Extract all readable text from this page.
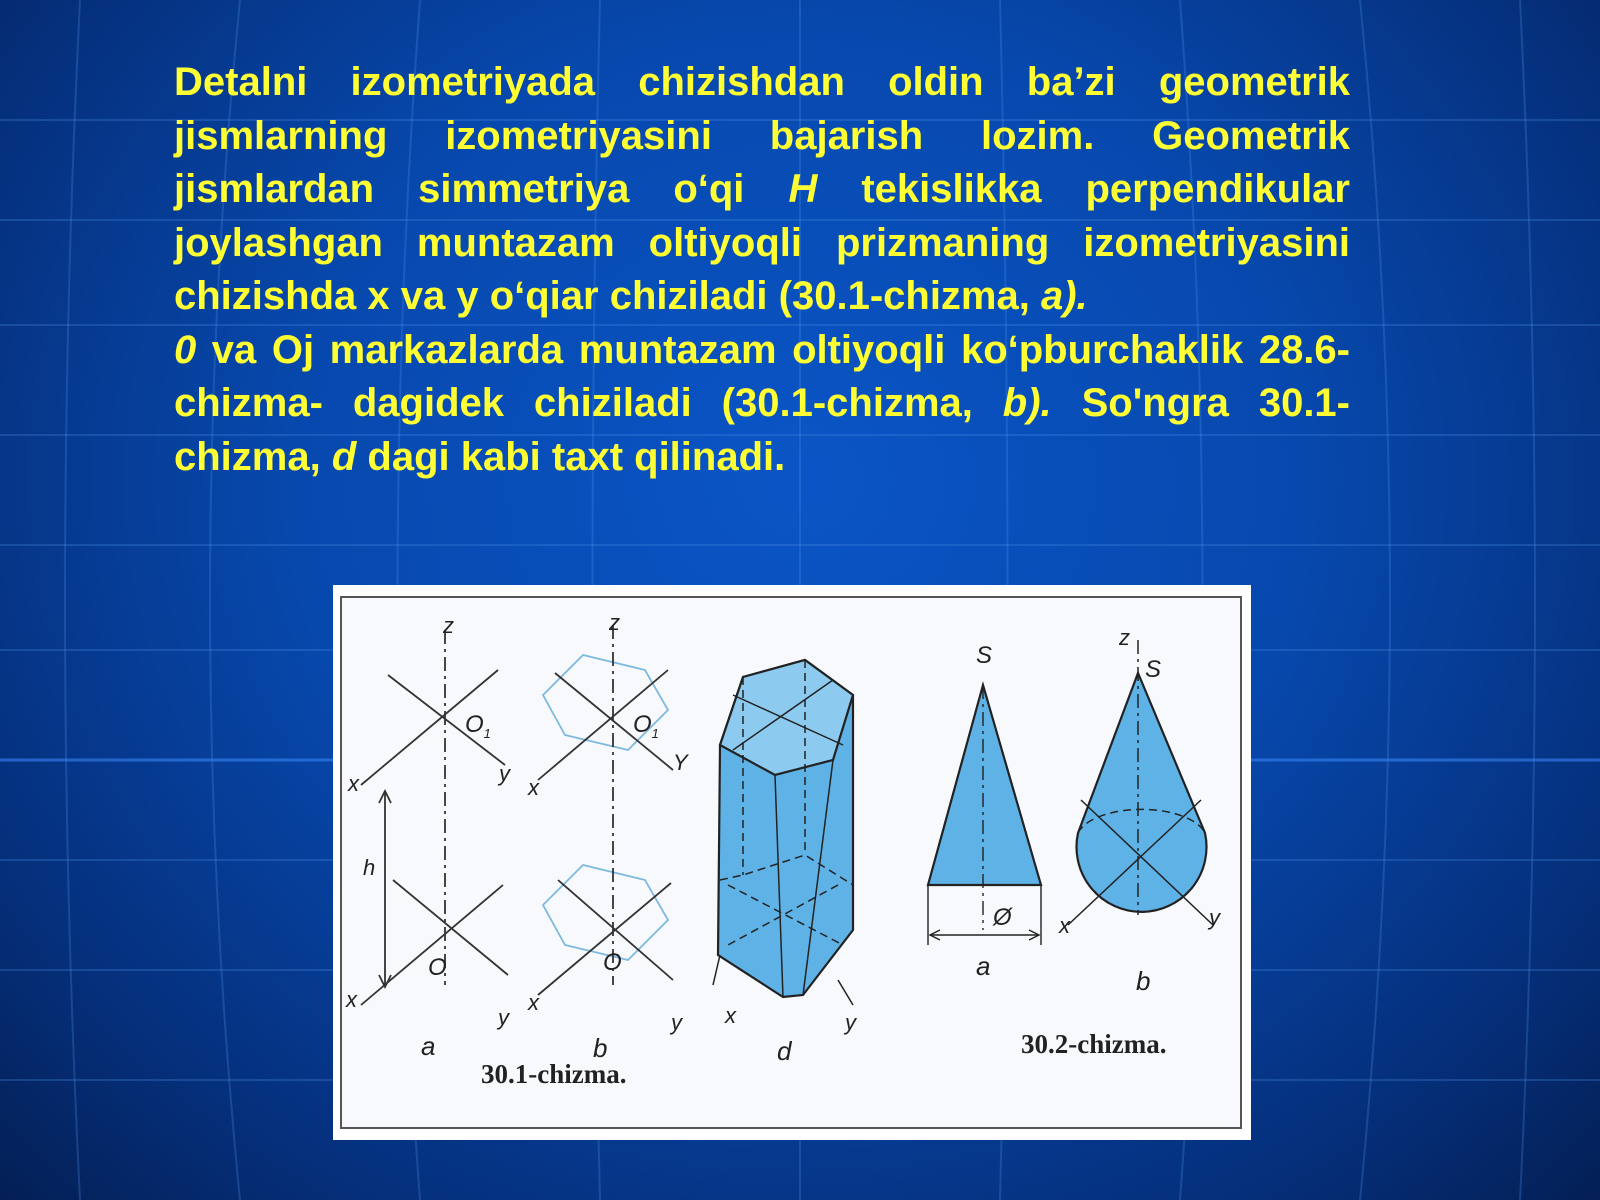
Detalni izometriyada chizishdan oldin ba’zi geometrik jismlarning izometriyasini bajarish lozim. Geometrik jismlardan simmetriya o‘qi H tekislikka perpendikular joylashgan muntazam oltiyoqli prizmaning izometriyasini chizishda x va y o‘qiar chiziladi (30.1-chizma, a).

0 va Oj markazlarda muntazam oltiyoqli ko‘pburchaklik 28.6-chizma- dagidek chiziladi (30.1-chizma, b). So'ngra 30.1-chizma, d dagi kabi taxt qilinadi.

z
$O_1$
x	y
h
O
x
y
a
z
$O_1$
x
Y
O
x
y
b
x	y
d
30.1-chizma.
S
Ø
a
z
S
x	y
b
30.2-chizma.
